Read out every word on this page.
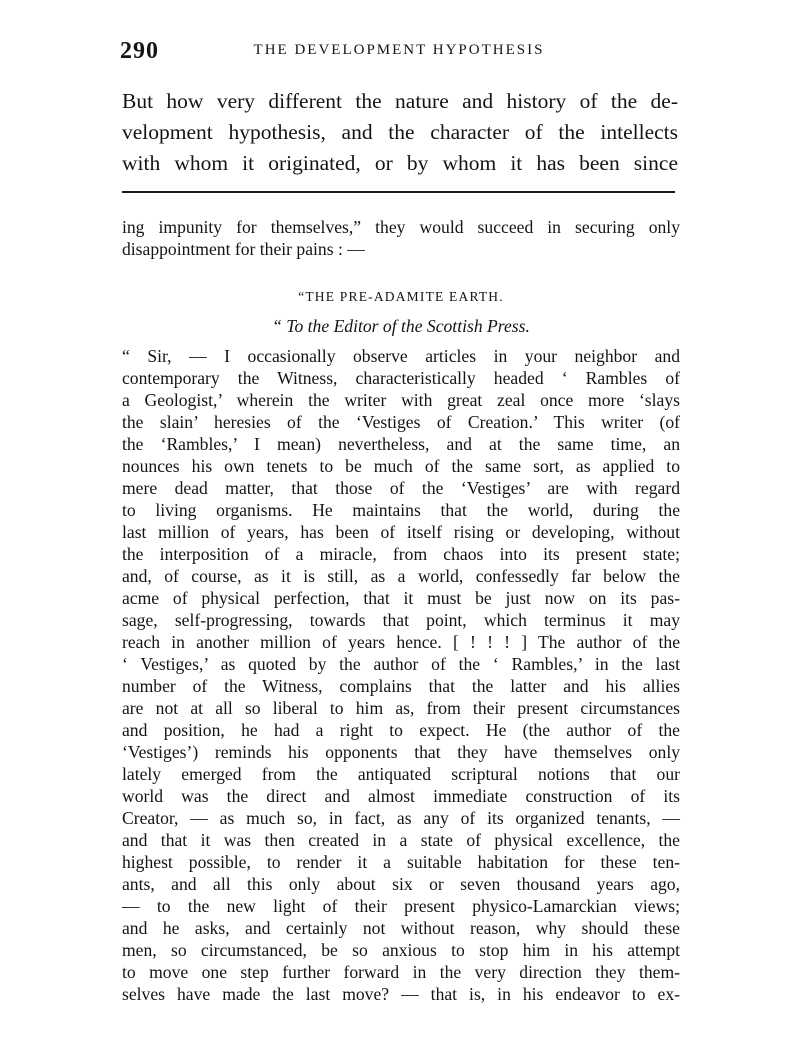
290	THE DEVELOPMENT HYPOTHESIS

But how very different the nature and history of the de-
velopment hypothesis, and the character of the intellects
with whom it originated, or by whom it has been since

ing impunity for themselves,” they would succeed in securing only
disappointment for their pains : —

“THE PRE-ADAMITE EARTH.

“ To the Editor of the Scottish Press.

“ Sir, — I occasionally observe articles in your neighbor and
contemporary the Witness, characteristically headed ‘ Rambles of
a Geologist,’ wherein the writer with great zeal once more ‘slays
the slain’ heresies of the ‘Vestiges of Creation.’ This writer (of
the ‘Rambles,’ I mean) nevertheless, and at the same time, an
nounces his own tenets to be much of the same sort, as applied to
mere dead matter, that those of the ‘Vestiges’ are with regard
to living organisms. He maintains that the world, during the
last million of years, has been of itself rising or developing, without
the interposition of a miracle, from chaos into its present state;
and, of course, as it is still, as a world, confessedly far below the
acme of physical perfection, that it must be just now on its pas-
sage, self-progressing, towards that point, which terminus it may
reach in another million of years hence. [ ! ! ! ] The author of the
‘ Vestiges,’ as quoted by the author of the ‘ Rambles,’ in the last
number of the Witness, complains that the latter and his allies
are not at all so liberal to him as, from their present circumstances
and position, he had a right to expect. He (the author of the
‘Vestiges’) reminds his opponents that they have themselves only
lately emerged from the antiquated scriptural notions that our
world was the direct and almost immediate construction of its
Creator, — as much so, in fact, as any of its organized tenants, —
and that it was then created in a state of physical excellence, the
highest possible, to render it a suitable habitation for these ten-
ants, and all this only about six or seven thousand years ago,
— to the new light of their present physico-Lamarckian views;
and he asks, and certainly not without reason, why should these
men, so circumstanced, be so anxious to stop him in his attempt
to move one step further forward in the very direction they them-
selves have made the last move? — that is, in his endeavor to ex-
